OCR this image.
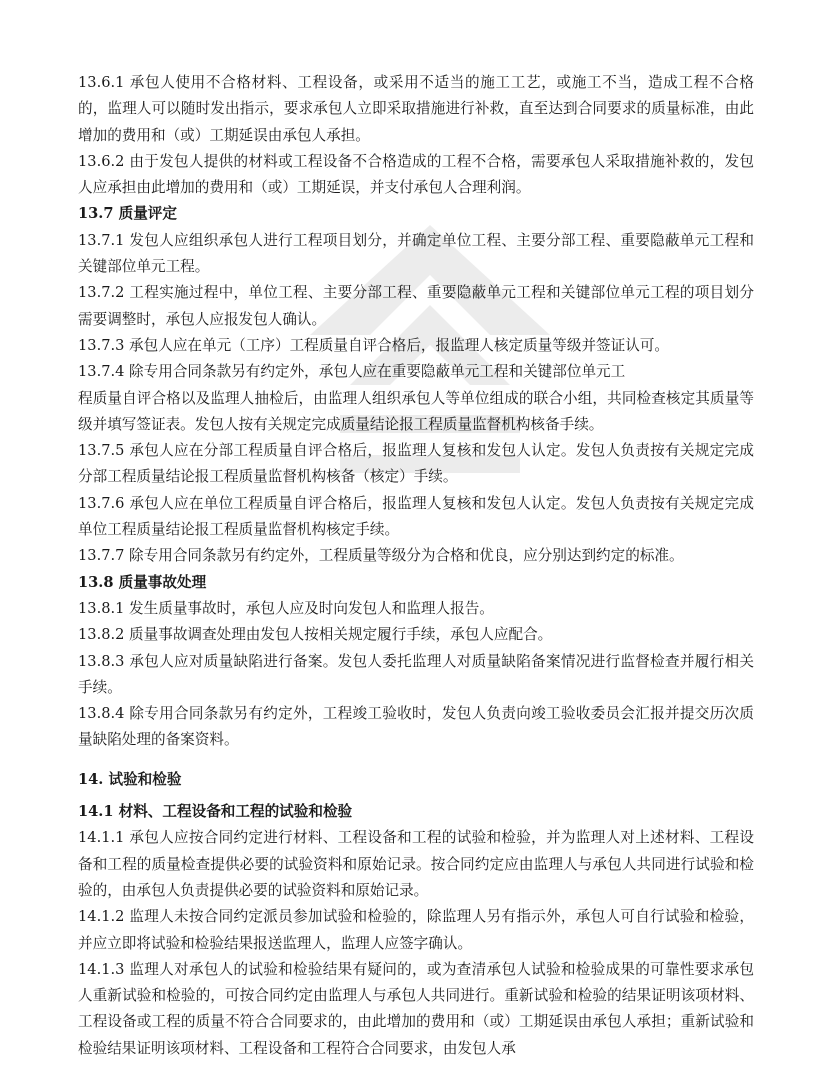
13.6.1 承包人使用不合格材料、工程设备，或采用不适当的施工工艺，或施工不当，造成工程不合格的，监理人可以随时发出指示，要求承包人立即采取措施进行补救，直至达到合同要求的质量标准，由此增加的费用和（或）工期延误由承包人承担。

13.6.2 由于发包人提供的材料或工程设备不合格造成的工程不合格，需要承包人采取措施补救的，发包人应承担由此增加的费用和（或）工期延误，并支付承包人合理利润。

13.7 质量评定

13.7.1 发包人应组织承包人进行工程项目划分，并确定单位工程、主要分部工程、重要隐蔽单元工程和关键部位单元工程。

13.7.2 工程实施过程中，单位工程、主要分部工程、重要隐蔽单元工程和关键部位单元工程的项目划分需要调整时，承包人应报发包人确认。

13.7.3 承包人应在单元（工序）工程质量自评合格后，报监理人核定质量等级并签证认可。

13.7.4 除专用合同条款另有约定外，承包人应在重要隐蔽单元工程和关键部位单元工

程质量自评合格以及监理人抽检后，由监理人组织承包人等单位组成的联合小组，共同检查核定其质量等级并填写签证表。发包人按有关规定完成质量结论报工程质量监督机构核备手续。

13.7.5 承包人应在分部工程质量自评合格后，报监理人复核和发包人认定。发包人负责按有关规定完成分部工程质量结论报工程质量监督机构核备（核定）手续。

13.7.6 承包人应在单位工程质量自评合格后，报监理人复核和发包人认定。发包人负责按有关规定完成单位工程质量结论报工程质量监督机构核定手续。

13.7.7 除专用合同条款另有约定外，工程质量等级分为合格和优良，应分别达到约定的标准。

13.8 质量事故处理

13.8.1 发生质量事故时，承包人应及时向发包人和监理人报告。

13.8.2 质量事故调查处理由发包人按相关规定履行手续，承包人应配合。

13.8.3 承包人应对质量缺陷进行备案。发包人委托监理人对质量缺陷备案情况进行监督检查并履行相关手续。

13.8.4 除专用合同条款另有约定外，工程竣工验收时，发包人负责向竣工验收委员会汇报并提交历次质量缺陷处理的备案资料。

14. 试验和检验

14.1 材料、工程设备和工程的试验和检验

14.1.1 承包人应按合同约定进行材料、工程设备和工程的试验和检验，并为监理人对上述材料、工程设备和工程的质量检查提供必要的试验资料和原始记录。按合同约定应由监理人与承包人共同进行试验和检验的，由承包人负责提供必要的试验资料和原始记录。

14.1.2 监理人未按合同约定派员参加试验和检验的，除监理人另有指示外，承包人可自行试验和检验，并应立即将试验和检验结果报送监理人，监理人应签字确认。

14.1.3 监理人对承包人的试验和检验结果有疑问的，或为查清承包人试验和检验成果的可靠性要求承包人重新试验和检验的，可按合同约定由监理人与承包人共同进行。重新试验和检验的结果证明该项材料、工程设备或工程的质量不符合合同要求的，由此增加的费用和（或）工期延误由承包人承担；重新试验和检验结果证明该项材料、工程设备和工程符合合同要求，由发包人承
